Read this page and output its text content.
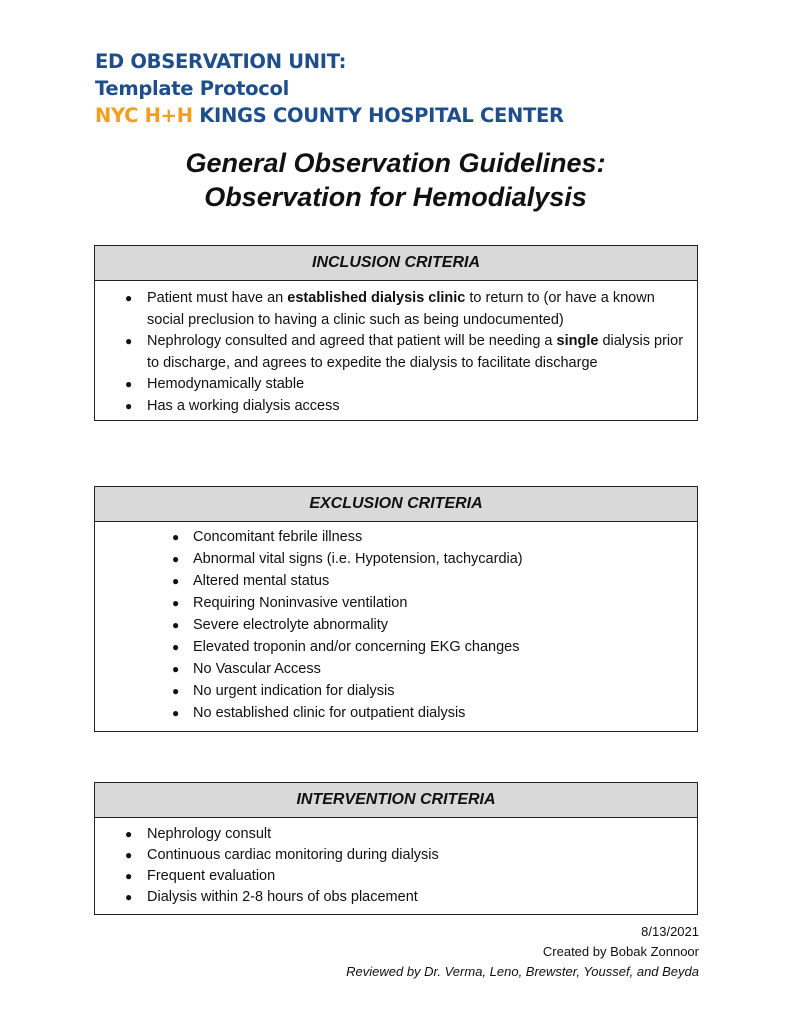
ED OBSERVATION UNIT:
Template Protocol
NYC H+H KINGS COUNTY HOSPITAL CENTER
General Observation Guidelines:
Observation for Hemodialysis
INCLUSION CRITERIA
● Patient must have an established dialysis clinic to return to (or have a known social preclusion to having a clinic such as being undocumented)
● Nephrology consulted and agreed that patient will be needing a single dialysis prior to discharge, and agrees to expedite the dialysis to facilitate discharge
● Hemodynamically stable
● Has a working dialysis access
EXCLUSION CRITERIA
● Concomitant febrile illness
● Abnormal vital signs (i.e. Hypotension, tachycardia)
● Altered mental status
● Requiring Noninvasive ventilation
● Severe electrolyte abnormality
● Elevated troponin and/or concerning EKG changes
● No Vascular Access
● No urgent indication for dialysis
● No established clinic for outpatient dialysis
INTERVENTION CRITERIA
● Nephrology consult
● Continuous cardiac monitoring during dialysis
● Frequent evaluation
● Dialysis within 2-8 hours of obs placement
8/13/2021
Created by Bobak Zonnoor
Reviewed by Dr. Verma, Leno, Brewster, Youssef, and Beyda
